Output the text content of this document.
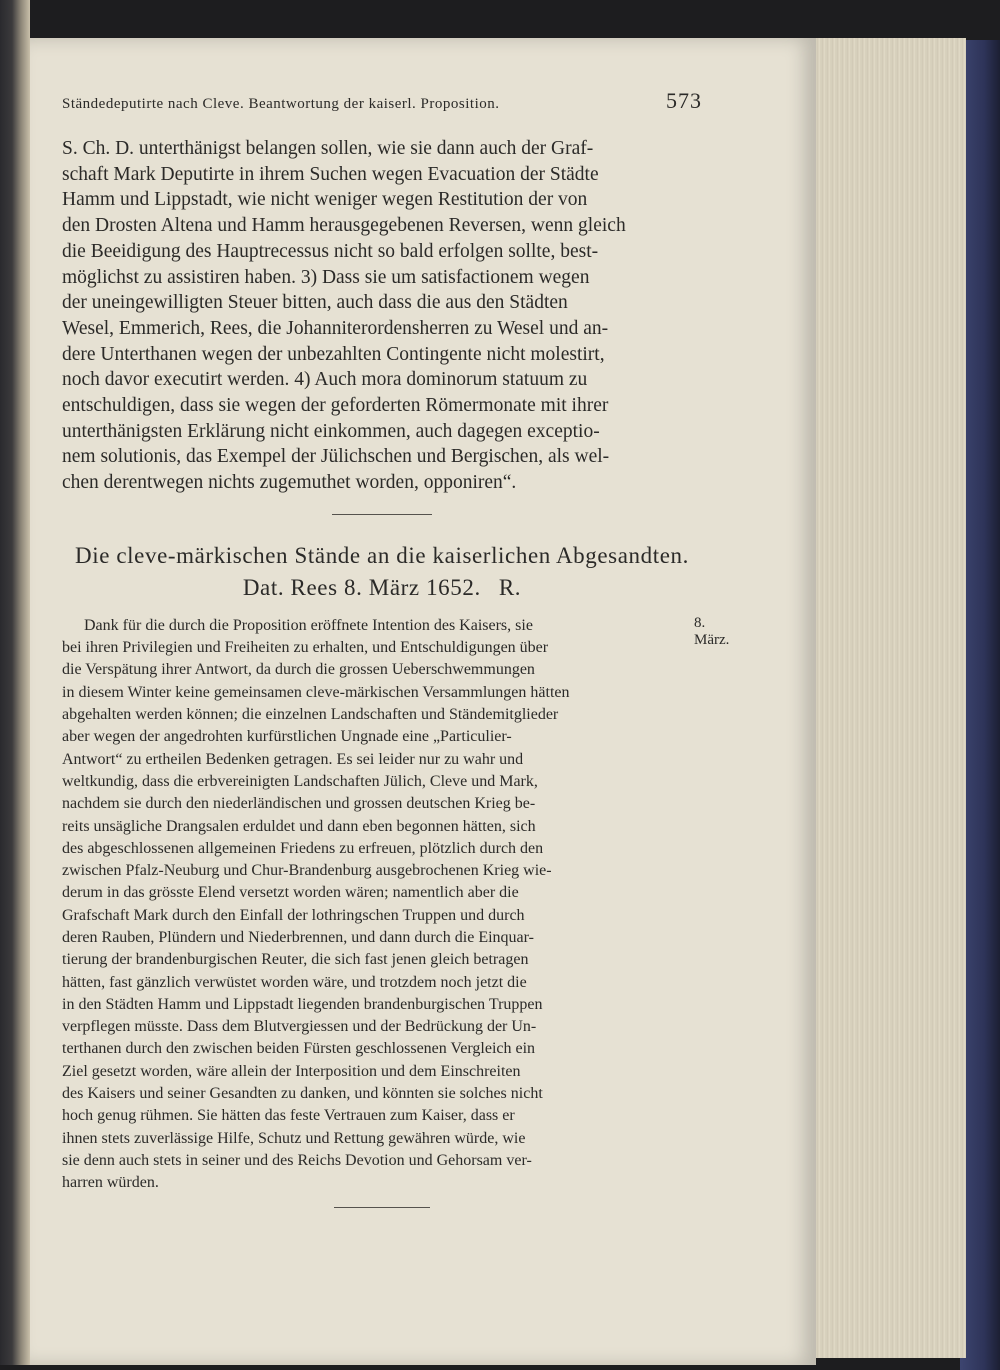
Ständedeputirte nach Cleve. Beantwortung der kaiserl. Proposition.	573

S. Ch. D. unterthänigst belangen sollen, wie sie dann auch der Graf-
schaft Mark Deputirte in ihrem Suchen wegen Evacuation der Städte
Hamm und Lippstadt, wie nicht weniger wegen Restitution der von
den Drosten Altena und Hamm herausgegebenen Reversen, wenn gleich
die Beeidigung des Hauptrecessus nicht so bald erfolgen sollte, best-
möglichst zu assistiren haben. 3) Dass sie um satisfactionem wegen
der uneingewilligten Steuer bitten, auch dass die aus den Städten
Wesel, Emmerich, Rees, die Johanniterordensherren zu Wesel und an-
dere Unterthanen wegen der unbezahlten Contingente nicht molestirt,
noch davor executirt werden. 4) Auch mora dominorum statuum zu
entschuldigen, dass sie wegen der geforderten Römermonate mit ihrer
unterthänigsten Erklärung nicht einkommen, auch dagegen exceptio-
nem solutionis, das Exempel der Jülichschen und Bergischen, als wel-
chen derentwegen nichts zugemuthet worden, opponiren“.

Die cleve-märkischen Stände an die kaiserlichen Abgesandten.
Dat. Rees 8. März 1652. R.
8. März.

Dank für die durch die Proposition eröffnete Intention des Kaisers, sie
bei ihren Privilegien und Freiheiten zu erhalten, und Entschuldigungen über
die Verspätung ihrer Antwort, da durch die grossen Ueberschwemmungen
in diesem Winter keine gemeinsamen cleve-märkischen Versammlungen hätten
abgehalten werden können; die einzelnen Landschaften und Ständemitglieder
aber wegen der angedrohten kurfürstlichen Ungnade eine „Particulier-
Antwort“ zu ertheilen Bedenken getragen. Es sei leider nur zu wahr und
weltkundig, dass die erbvereinigten Landschaften Jülich, Cleve und Mark,
nachdem sie durch den niederländischen und grossen deutschen Krieg be-
reits unsägliche Drangsalen erduldet und dann eben begonnen hätten, sich
des abgeschlossenen allgemeinen Friedens zu erfreuen, plötzlich durch den
zwischen Pfalz-Neuburg und Chur-Brandenburg ausgebrochenen Krieg wie-
derum in das grösste Elend versetzt worden wären; namentlich aber die
Grafschaft Mark durch den Einfall der lothringschen Truppen und durch
deren Rauben, Plündern und Niederbrennen, und dann durch die Einquar-
tierung der brandenburgischen Reuter, die sich fast jenen gleich betragen
hätten, fast gänzlich verwüstet worden wäre, und trotzdem noch jetzt die
in den Städten Hamm und Lippstadt liegenden brandenburgischen Truppen
verpflegen müsste. Dass dem Blutvergiessen und der Bedrückung der Un-
terthanen durch den zwischen beiden Fürsten geschlossenen Vergleich ein
Ziel gesetzt worden, wäre allein der Interposition und dem Einschreiten
des Kaisers und seiner Gesandten zu danken, und könnten sie solches nicht
hoch genug rühmen. Sie hätten das feste Vertrauen zum Kaiser, dass er
ihnen stets zuverlässige Hilfe, Schutz und Rettung gewähren würde, wie
sie denn auch stets in seiner und des Reichs Devotion und Gehorsam ver-
harren würden.
